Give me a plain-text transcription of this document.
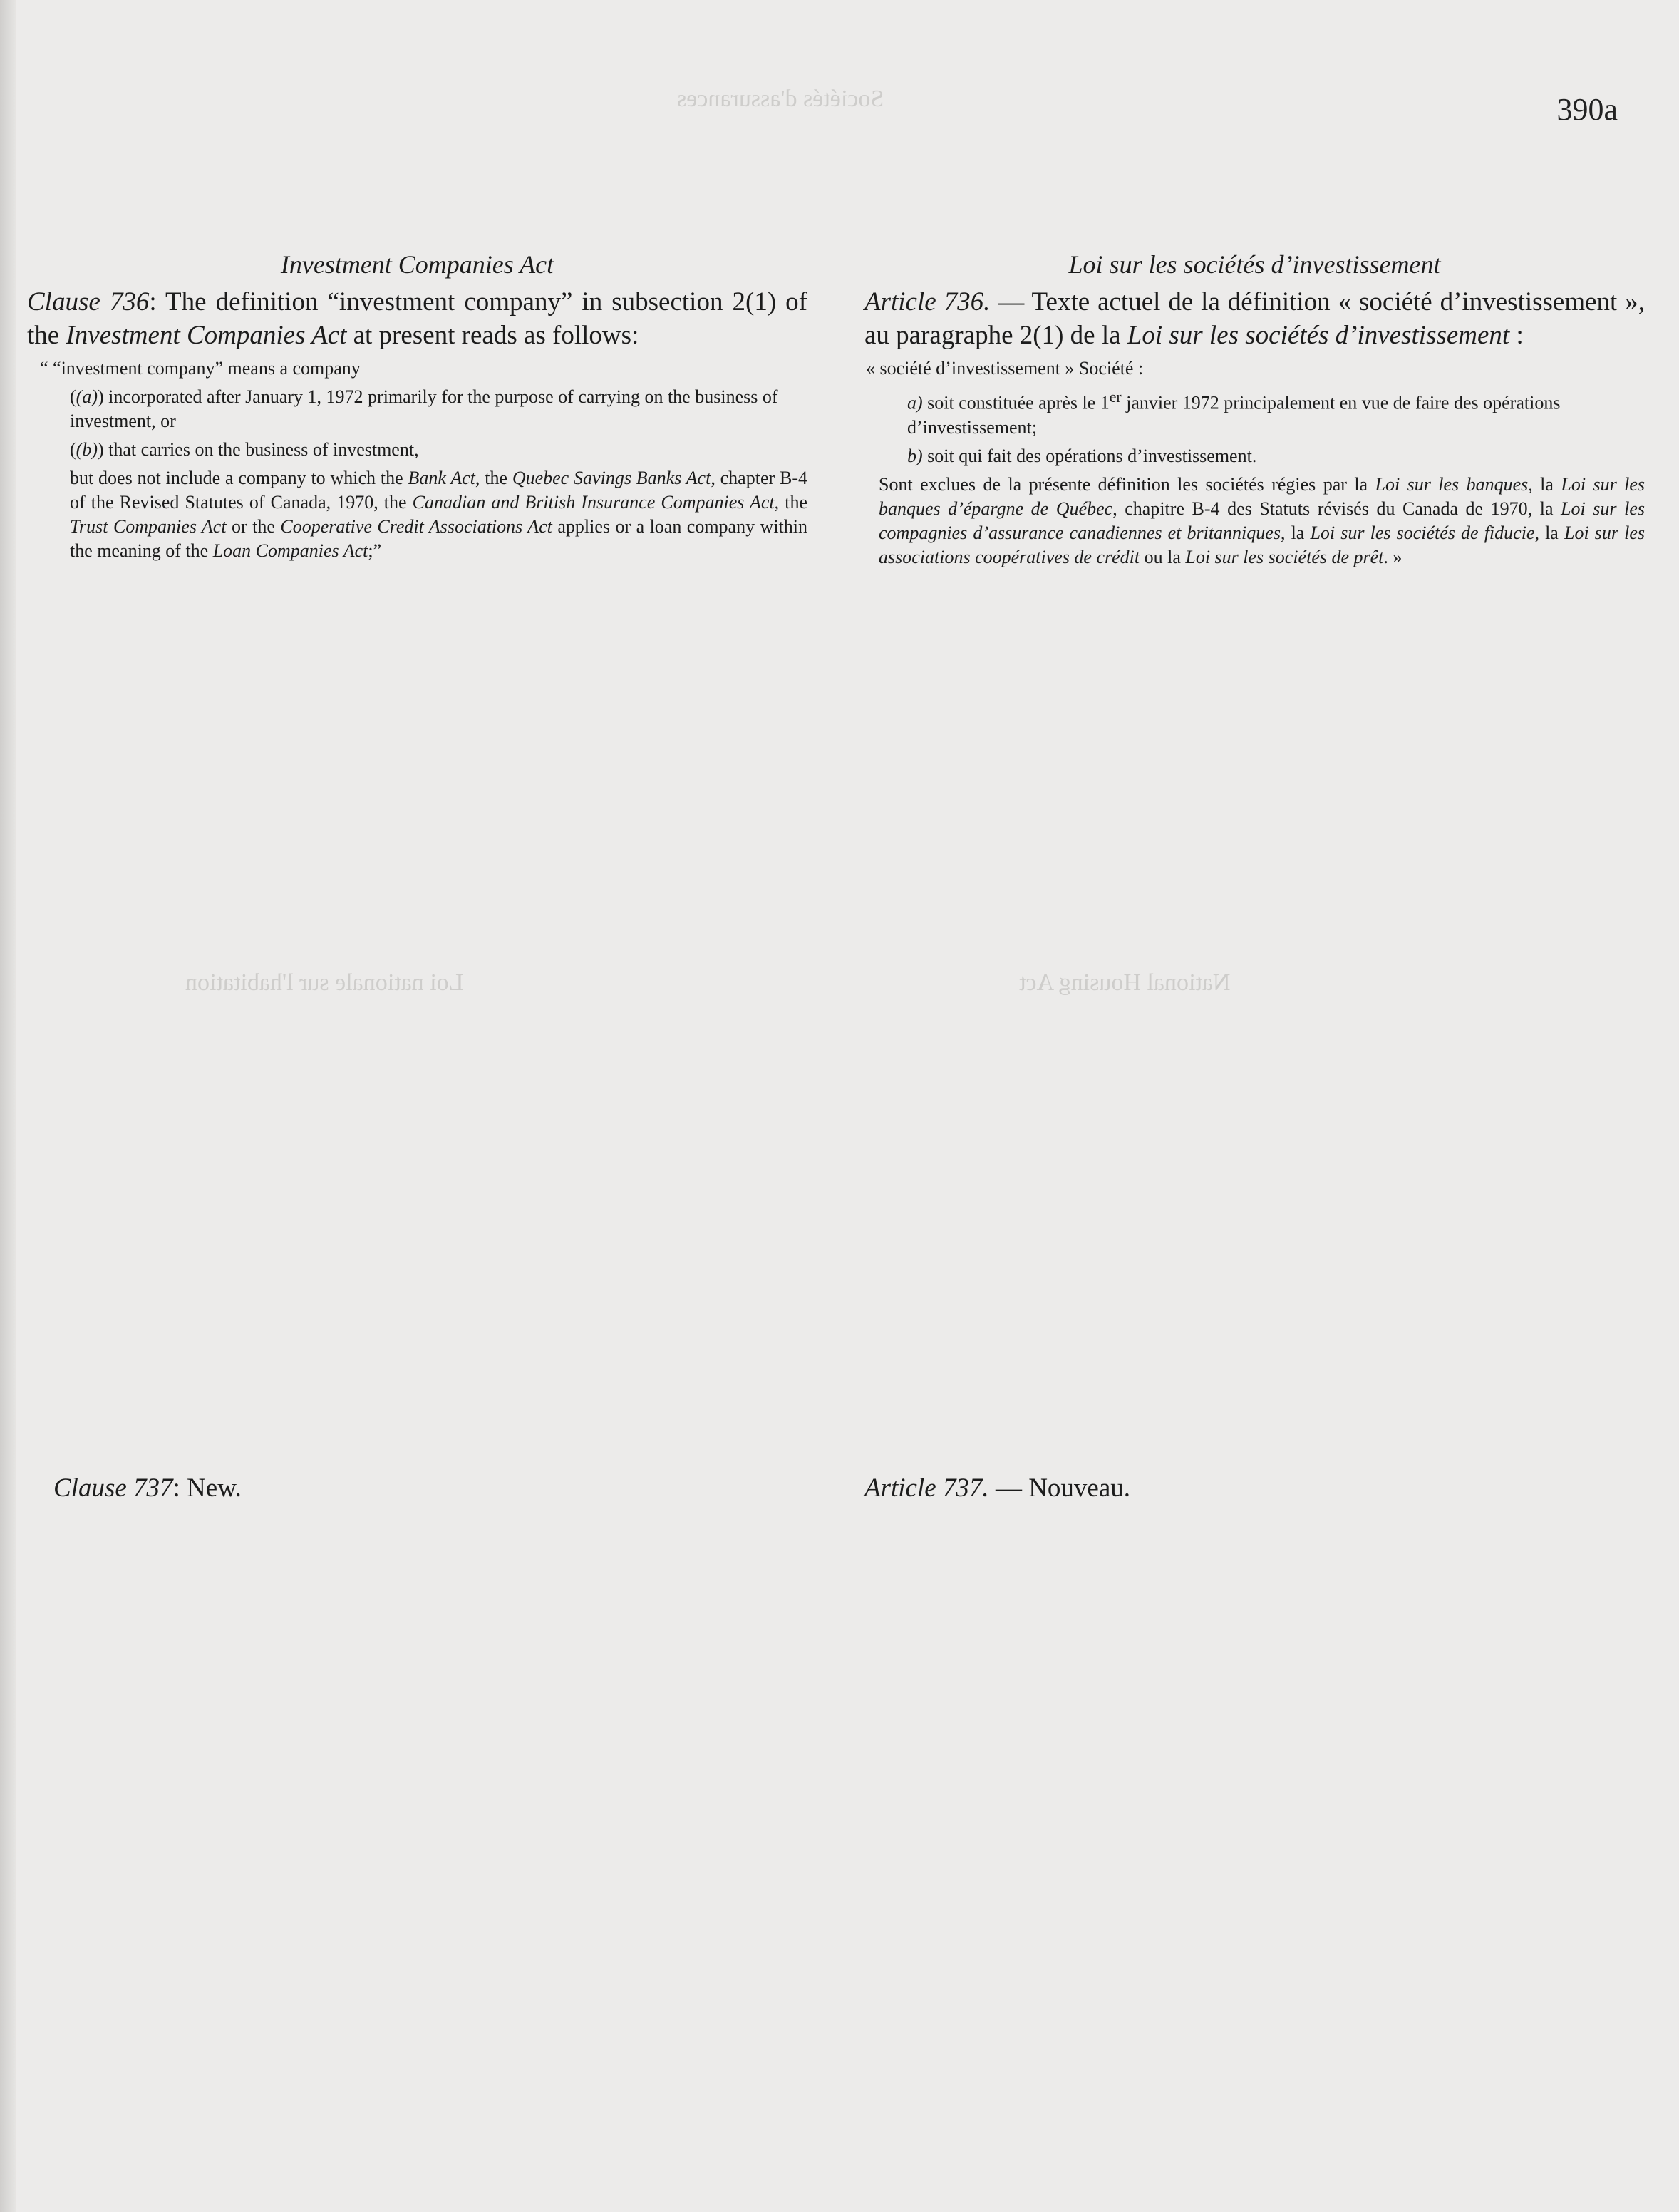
Sociétés d'assurances
Loi nationale sur l'habitation	National Housing Act
390a

Investment Companies Act

Clause 736: The definition “investment company” in subsection 2(1) of the Investment Companies Act at present reads as follows:

“ “investment company” means a company

((a)) incorporated after January 1, 1972 primarily for the purpose of carrying on the business of investment, or

((b)) that carries on the business of investment,

but does not include a company to which the Bank Act, the Quebec Savings Banks Act, chapter B-4 of the Revised Statutes of Canada, 1970, the Canadian and British Insurance Companies Act, the Trust Companies Act or the Cooperative Credit Associations Act applies or a loan company within the meaning of the Loan Companies Act;”

Loi sur les sociétés d’investissement

Article 736. — Texte actuel de la définition « société d’investissement », au paragraphe 2(1) de la Loi sur les sociétés d’investissement :

« société d’investissement » Société :

a) soit constituée après le 1er janvier 1972 principalement en vue de faire des opérations d’investissement;

b) soit qui fait des opérations d’investissement.

Sont exclues de la présente définition les sociétés régies par la Loi sur les banques, la Loi sur les banques d’épargne de Québec, chapitre B-4 des Statuts révisés du Canada de 1970, la Loi sur les compagnies d’assurance canadiennes et britanniques, la Loi sur les sociétés de fiducie, la Loi sur les associations coopératives de crédit ou la Loi sur les sociétés de prêt. »

Clause 737: New.	Article 737. — Nouveau.
